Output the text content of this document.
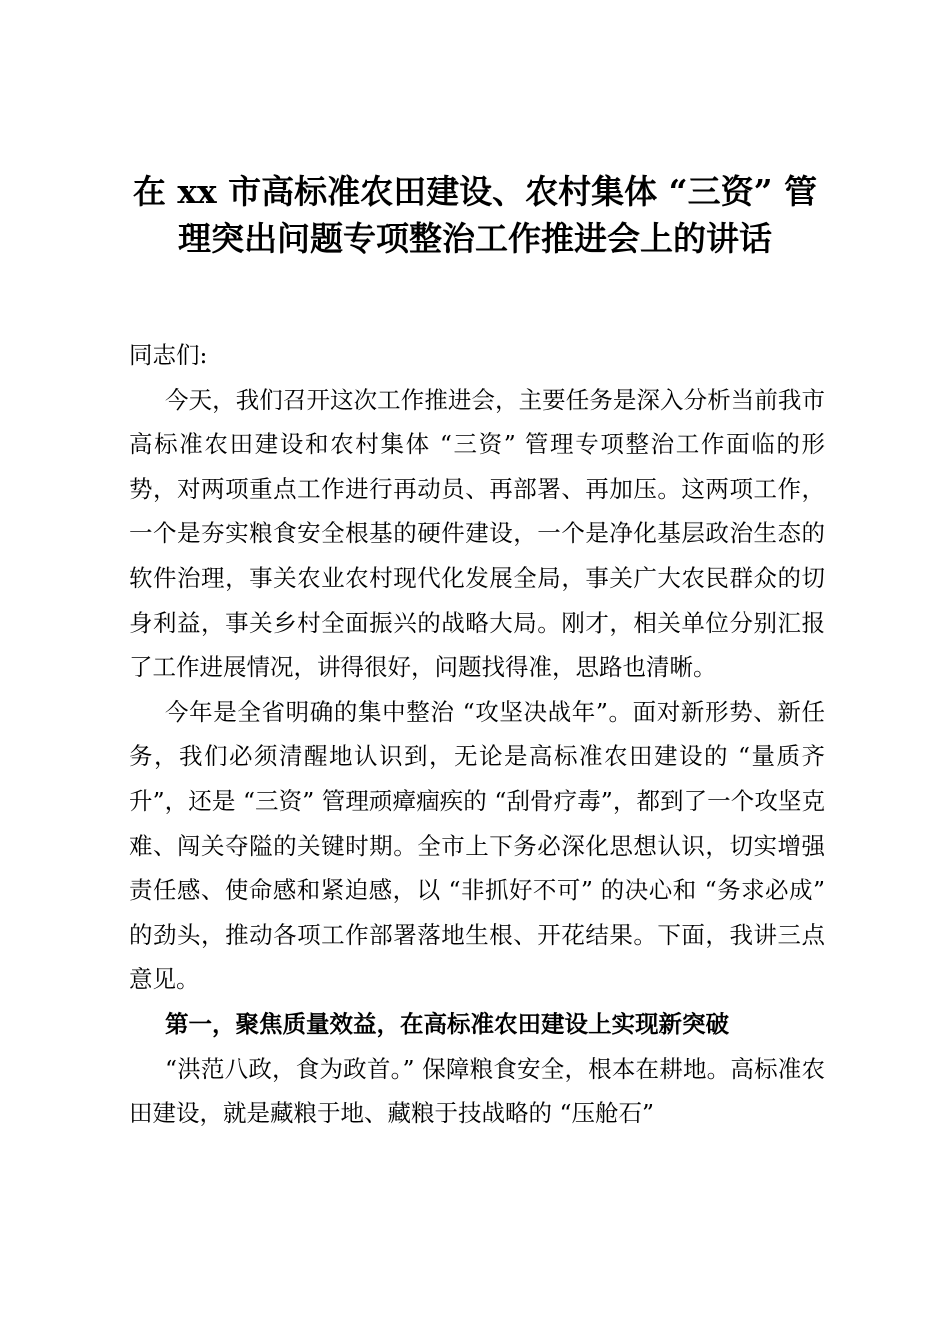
在 xx 市高标准农田建设、农村集体 “三资” 管理突出问题专项整治工作推进会上的讲话

同志们:

今天，我们召开这次工作推进会，主要任务是深入分析当前我市高标准农田建设和农村集体 “三资” 管理专项整治工作面临的形势，对两项重点工作进行再动员、再部署、再加压。这两项工作，一个是夯实粮食安全根基的硬件建设，一个是净化基层政治生态的软件治理，事关农业农村现代化发展全局，事关广大农民群众的切身利益，事关乡村全面振兴的战略大局。刚才，相关单位分别汇报了工作进展情况，讲得很好，问题找得准，思路也清晰。

今年是全省明确的集中整治 “攻坚决战年”。面对新形势、新任务，我们必须清醒地认识到，无论是高标准农田建设的 “量质齐升”，还是 “三资” 管理顽瘴痼疾的 “刮骨疗毒”，都到了一个攻坚克难、闯关夺隘的关键时期。全市上下务必深化思想认识，切实增强责任感、使命感和紧迫感，以 “非抓好不可” 的决心和 “务求必成” 的劲头，推动各项工作部署落地生根、开花结果。下面，我讲三点意见。

第一，聚焦质量效益，在高标准农田建设上实现新突破

“洪范八政，食为政首。” 保障粮食安全，根本在耕地。高标准农田建设，就是藏粮于地、藏粮于技战略的 “压舱石”
